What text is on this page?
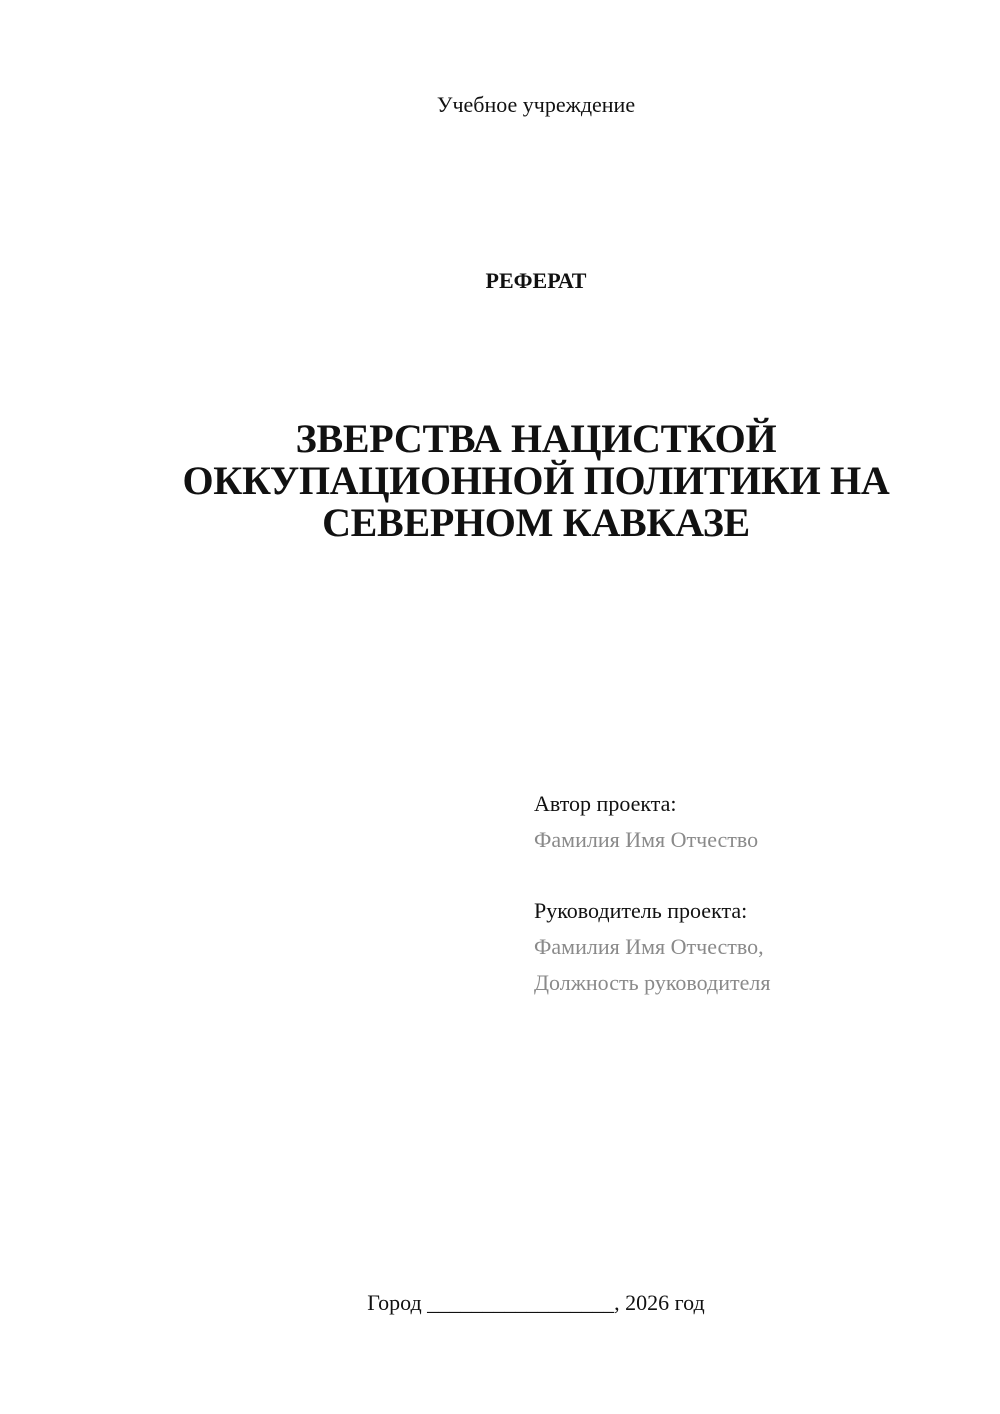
Учебное учреждение
РЕФЕРАТ
ЗВЕРСТВА НАЦИСТКОЙ
ОККУПАЦИОННОЙ ПОЛИТИКИ НА
СЕВЕРНОМ КАВКАЗЕ
Автор проекта:
Фамилия Имя Отчество
Руководитель проекта:
Фамилия Имя Отчество,
Должность руководителя
Город _________________, 2026 год
